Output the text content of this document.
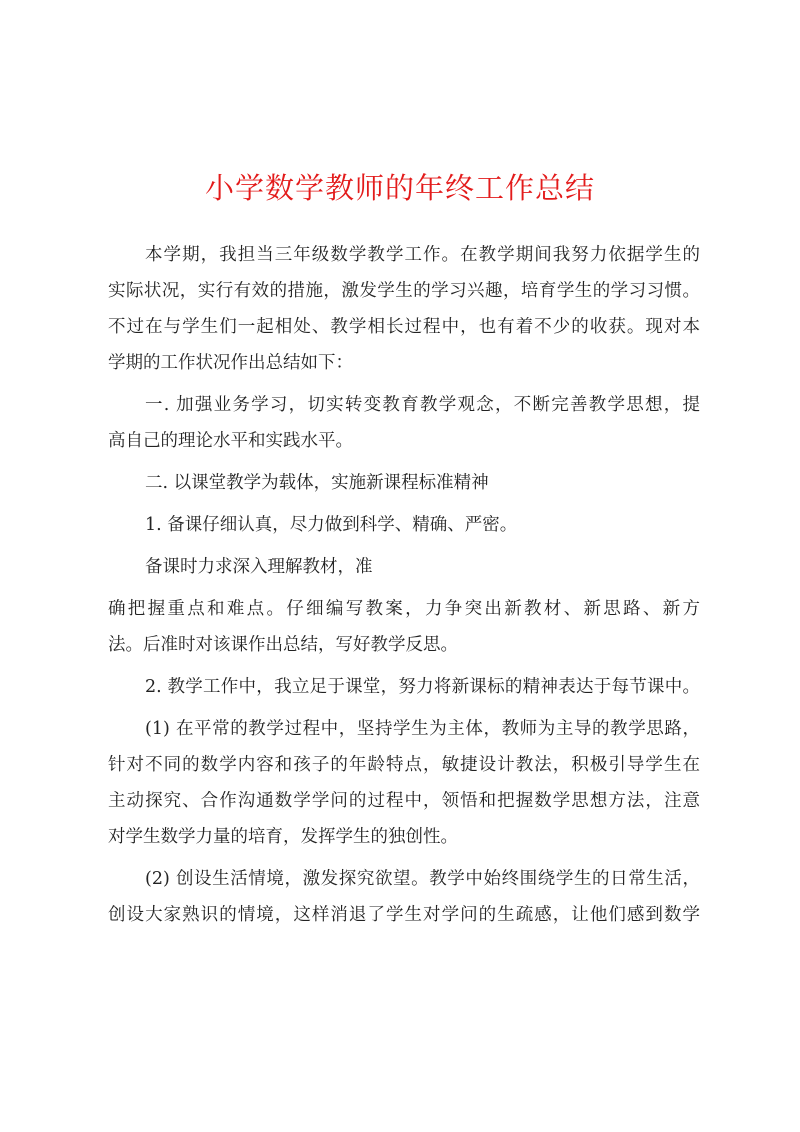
小学数学教师的年终工作总结
本学期，我担当三年级数学教学工作。在教学期间我努力依据学生的
实际状况，实行有效的措施，激发学生的学习兴趣，培育学生的学习习惯。
不过在与学生们一起相处、教学相长过程中，也有着不少的收获。现对本
学期的工作状况作出总结如下：
一. 加强业务学习，切实转变教育教学观念，不断完善教学思想，提
高自己的理论水平和实践水平。
二. 以课堂教学为载体，实施新课程标准精神
1. 备课仔细认真，尽力做到科学、精确、严密。
备课时力求深入理解教材，准
确把握重点和难点。仔细编写教案，力争突出新教材、新思路、新方
法。后准时对该课作出总结，写好教学反思。
2. 教学工作中，我立足于课堂，努力将新课标的精神表达于每节课中。
(1) 在平常的教学过程中，坚持学生为主体，教师为主导的教学思路，
针对不同的数学内容和孩子的年龄特点，敏捷设计教法，积极引导学生在
主动探究、合作沟通数学学问的过程中，领悟和把握数学思想方法，注意
对学生数学力量的培育，发挥学生的独创性。
(2) 创设生活情境，激发探究欲望。教学中始终围绕学生的日常生活，
创设大家熟识的情境，这样消退了学生对学问的生疏感，让他们感到数学
